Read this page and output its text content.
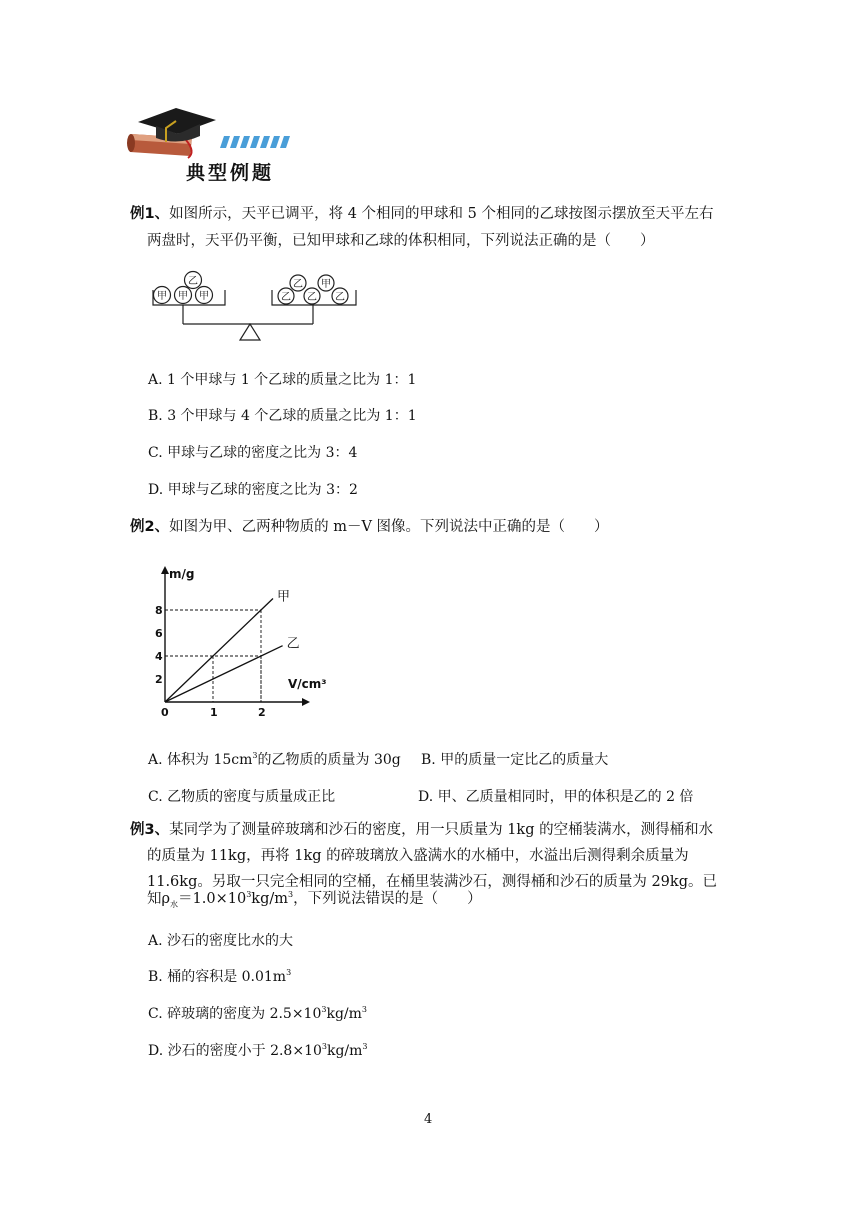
典型例题
例1、如图所示，天平已调平，将 4 个相同的甲球和 5 个相同的乙球按图示摆放至天平左右
两盘时，天平仍平衡，已知甲球和乙球的体积相同，下列说法正确的是（　　）
甲 甲 甲
乙
乙 乙 乙
乙 甲
A. 1 个甲球与 1 个乙球的质量之比为 1：1
B. 3 个甲球与 4 个乙球的质量之比为 1：1
C. 甲球与乙球的密度之比为 3：4
D. 甲球与乙球的密度之比为 3：2
例2、如图为甲、乙两种物质的 m－V 图像。下列说法中正确的是（　　）
甲
乙
2
4
6
8
1	2
0
m/g
V/cm³
A. 体积为 $15cm^3$的乙物质的质量为 30g B. 甲的质量一定比乙的质量大
C. 乙物质的密度与质量成正比	D. 甲、乙质量相同时，甲的体积是乙的 2 倍
例3、某同学为了测量碎玻璃和沙石的密度，用一只质量为 1kg 的空桶装满水，测得桶和水
的质量为 11kg，再将 1kg 的碎玻璃放入盛满水的水桶中，水溢出后测得剩余质量为
11.6kg。另取一只完全相同的空桶，在桶里装满沙石，测得桶和沙石的质量为 29kg。已
知$\rho_水=1.0\times 10^3kg/m^3$，下列说法错误的是（　　）
A. 沙石的密度比水的大
B. 桶的容积是 $0.01m^3$
C. 碎玻璃的密度为 $2.5\times 10^3kg/m^3$
D. 沙石的密度小于 $2.8\times 10^3kg/m^3$
4
